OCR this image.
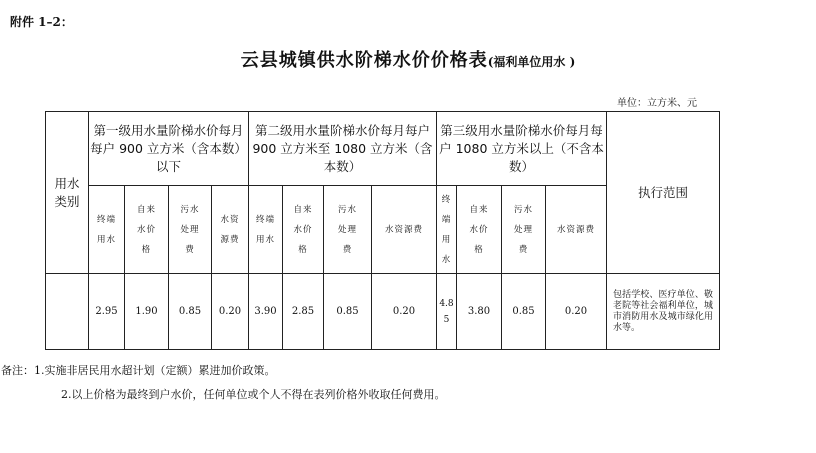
附件 1–2：
云县城镇供水阶梯水价价格表(福利单位用水 )
单位：立方米、元
用水类别	第一级用水量阶梯水价每月每户 900 立方米（含本数）以下				第二级用水量阶梯水价每月每户 900 立方米至 1080 立方米（含本数）				第三级用水量阶梯水价每月每户 1080 立方米以上（不含本数）				执行范围
	终端用水	自来水价格	污水处理费	水资源费	终端用水	自来水价格	污水处理费	水资源费	终端用水	自来水价格	污水处理费	水资源费	
	2.95	1.90	0.85	0.20	3.90	2.85	0.85	0.20	4.85	3.80	0.85	0.20	包括学校、医疗单位、敬老院等社会福利单位，城市消防用水及城市绿化用水等。
备注：1.实施非居民用水超计划（定额）累进加价政策。
2.以上价格为最终到户水价，任何单位或个人不得在表列价格外收取任何费用。
